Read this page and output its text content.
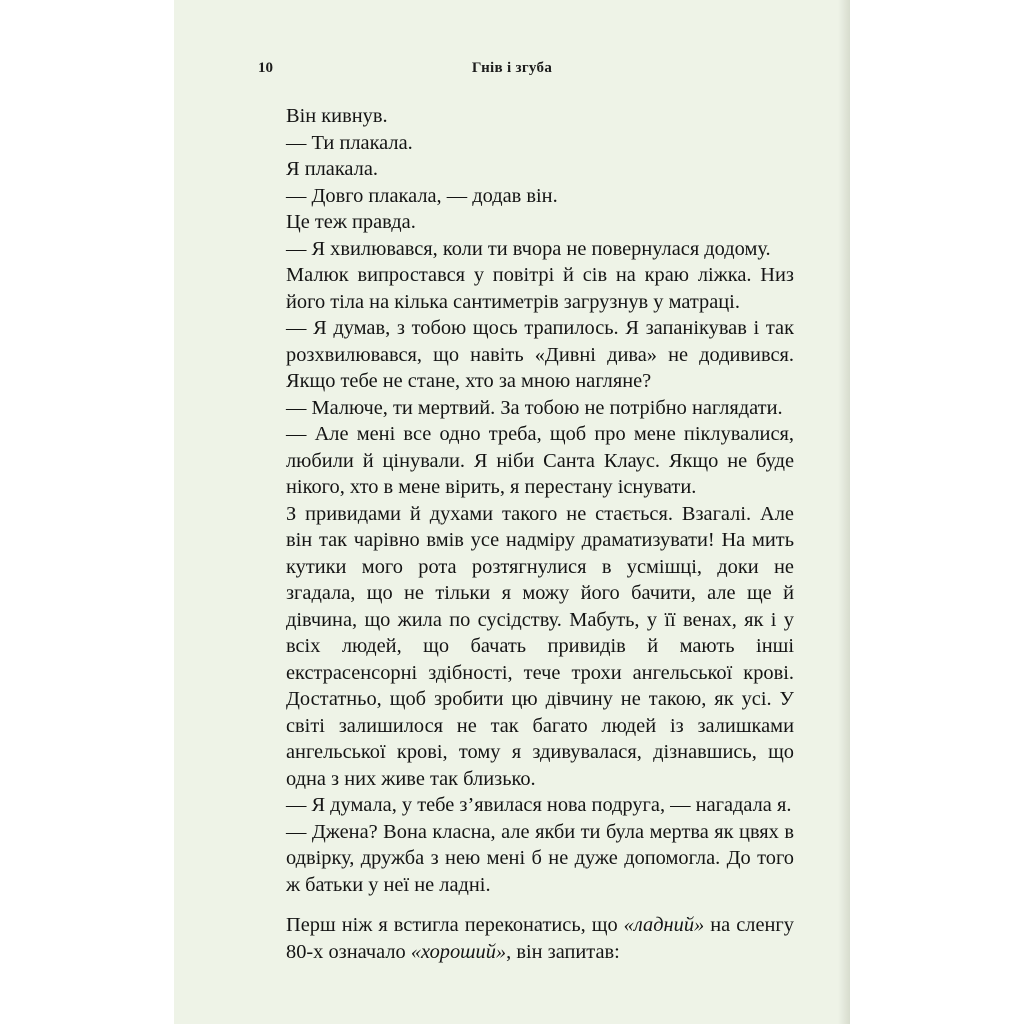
Гнів і згуба
10

Він кивнув.

— Ти плакала.

Я плакала.

— Довго плакала, — додав він.

Це теж правда.

— Я хвилювався, коли ти вчора не повернулася додому.

Малюк випростався у повітрі й сів на краю ліжка. Низ його тіла на кілька сантиметрів загрузнув у матраці.

— Я думав, з тобою щось трапилось. Я запанікував і так розхвилювався, що навіть «Дивні дива» не додивився. Якщо тебе не стане, хто за мною нагляне?

— Малюче, ти мертвий. За тобою не потрібно наглядати.

— Але мені все одно треба, щоб про мене піклувалися, любили й цінували. Я ніби Санта Клаус. Якщо не буде нікого, хто в мене вірить, я перестану існувати.

З привидами й духами такого не стається. Взагалі. Але він так чарівно вмів усе надміру драматизувати! На мить кутики мого рота розтягнулися в усмішці, доки не згадала, що не тільки я можу його бачити, але ще й дівчина, що жила по сусідству. Мабуть, у її венах, як і у всіх людей, що бачать привидів й мають інші екстрасенсорні здібності, тече трохи ангельської крові. Достатньо, щоб зробити цю дівчину не такою, як усі. У світі залишилося не так багато людей із залишками ангельської крові, тому я здивувалася, дізнавшись, що одна з них живе так близько.

— Я думала, у тебе з’явилася нова подруга, — нагадала я.

— Джена? Вона класна, але якби ти була мертва як цвях в одвірку, дружба з нею мені б не дуже допомогла. До того ж батьки у неї не ладні.

Перш ніж я встигла переконатись, що «ладний» на сленгу 80-х означало «хороший», він запитав:
